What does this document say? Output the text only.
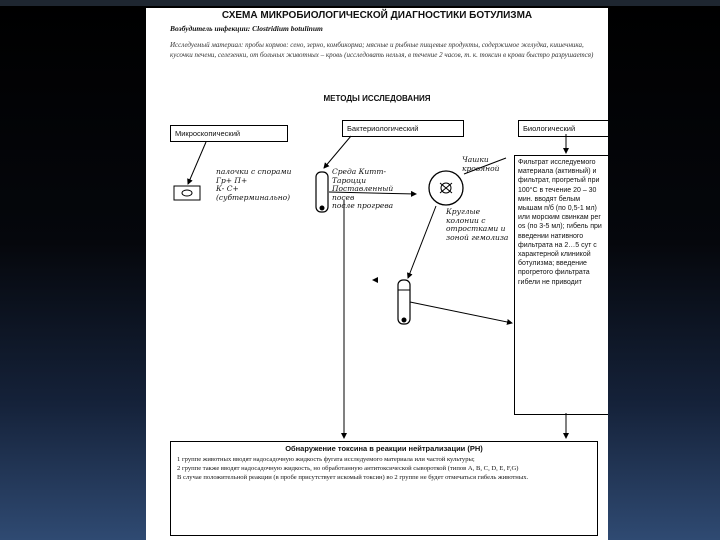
СХЕМА МИКРОБИОЛОГИЧЕСКОЙ ДИАГНОСТИКИ БОТУЛИЗМА
Возбудитель инфекции: Clostridium botulinum
Исследуемый материал: пробы кормов: сено, зерно, комбикорма; мясные и рыбные пищевые продукты, содержимое желудка, кишечника, кусочки печени, селезенки, от больных животных – кровь (исследовать нельзя, в течение 2 часов, т. к. токсин в крови быстро разрушается)
МЕТОДЫ ИССЛЕДОВАНИЯ
Микроскопический
Бактериологический	Биологический
Фильтрат исследуемого материала (активный) и фильтрат, прогретый при 100°С в течение 20 – 30 мин. вводят белым мышам п/б (по 0,5-1 мл) или морским свинкам per os (по 3-5 мл); гибель при введении нативного фильтрата на 2…5 сут с характерной клиникой ботулизма; введение прогретого фильтрата гибели не приводит
палочки с спорами
Гр+ П+
К- С+
(субтерминально)
Среда Китт-Тароцци
Поставленный посев
после прогрева
Чашки кровяной
Круглые колонии с отростками и зоной гемолиза
Обнаружение токсина в реакции нейтрализации (РН)
1 группе животных вводят надосадочную жидкость фугата исследуемого материала или частой культуры;
2 группе также вводят надосадочную жидкость, но обработанную антитоксической сывороткой (типов A, B, C, D, E, F,G)
В случае положительной реакции (в пробе присутствует искомый токсин) во 2 группе не будет отмечаться гибель животных.
